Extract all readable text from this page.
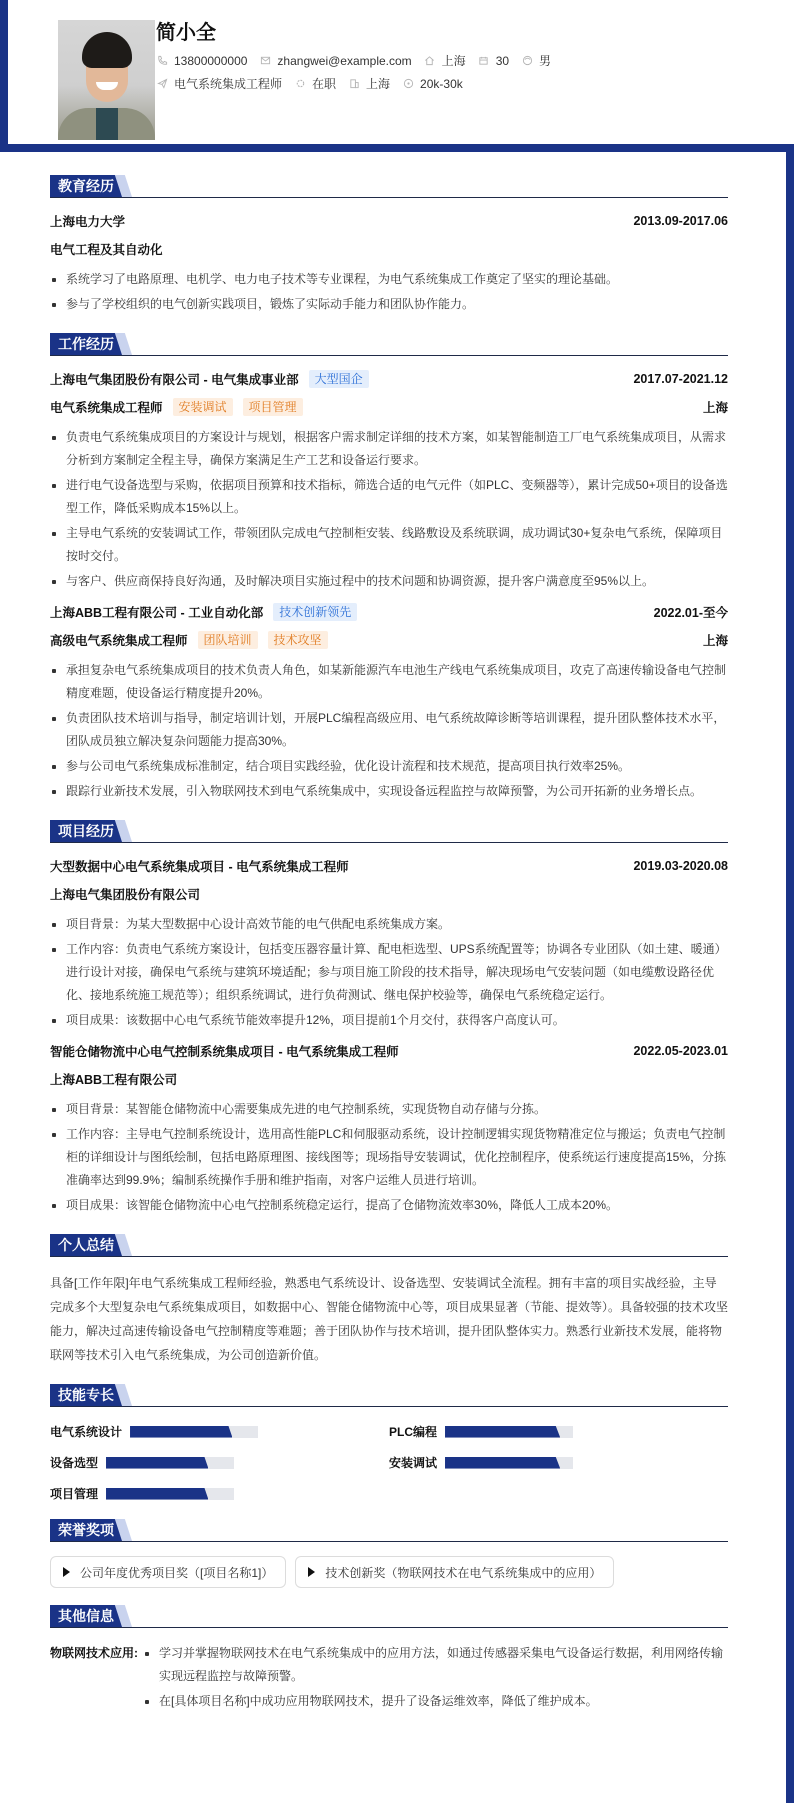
简小全
13800000000	zhangwei@example.com	上海	30	男
电气系统集成工程师	在职	上海	20k-30k
教育经历
上海电力大学	2013.09-2017.06
电气工程及其自动化
系统学习了电路原理、电机学、电力电子技术等专业课程，为电气系统集成工作奠定了坚实的理论基础。
参与了学校组织的电气创新实践项目，锻炼了实际动手能力和团队协作能力。
工作经历
上海电气集团股份有限公司 - 电气集成事业部	大型国企	2017.07-2021.12
电气系统集成工程师	安装调试	项目管理	上海
负责电气系统集成项目的方案设计与规划，根据客户需求制定详细的技术方案，如某智能制造工厂电气系统集成项目，从需求分析到方案制定全程主导，确保方案满足生产工艺和设备运行要求。
进行电气设备选型与采购，依据项目预算和技术指标，筛选合适的电气元件（如PLC、变频器等），累计完成50+项目的设备选型工作，降低采购成本15%以上。
主导电气系统的安装调试工作，带领团队完成电气控制柜安装、线路敷设及系统联调，成功调试30+复杂电气系统，保障项目按时交付。
与客户、供应商保持良好沟通，及时解决项目实施过程中的技术问题和协调资源，提升客户满意度至95%以上。
上海ABB工程有限公司 - 工业自动化部	技术创新领先	2022.01-至今
高级电气系统集成工程师	团队培训	技术攻坚	上海
承担复杂电气系统集成项目的技术负责人角色，如某新能源汽车电池生产线电气系统集成项目，攻克了高速传输设备电气控制精度难题，使设备运行精度提升20%。
负责团队技术培训与指导，制定培训计划，开展PLC编程高级应用、电气系统故障诊断等培训课程，提升团队整体技术水平，团队成员独立解决复杂问题能力提高30%。
参与公司电气系统集成标准制定，结合项目实践经验，优化设计流程和技术规范，提高项目执行效率25%。
跟踪行业新技术发展，引入物联网技术到电气系统集成中，实现设备远程监控与故障预警，为公司开拓新的业务增长点。
项目经历
大型数据中心电气系统集成项目 - 电气系统集成工程师	2019.03-2020.08
上海电气集团股份有限公司
项目背景：为某大型数据中心设计高效节能的电气供配电系统集成方案。
工作内容：负责电气系统方案设计，包括变压器容量计算、配电柜选型、UPS系统配置等；协调各专业团队（如土建、暖通）进行设计对接，确保电气系统与建筑环境适配；参与项目施工阶段的技术指导，解决现场电气安装问题（如电缆敷设路径优化、接地系统施工规范等）；组织系统调试，进行负荷测试、继电保护校验等，确保电气系统稳定运行。
项目成果：该数据中心电气系统节能效率提升12%，项目提前1个月交付，获得客户高度认可。
智能仓储物流中心电气控制系统集成项目 - 电气系统集成工程师	2022.05-2023.01
上海ABB工程有限公司
项目背景：某智能仓储物流中心需要集成先进的电气控制系统，实现货物自动存储与分拣。
工作内容：主导电气控制系统设计，选用高性能PLC和伺服驱动系统，设计控制逻辑实现货物精准定位与搬运；负责电气控制柜的详细设计与图纸绘制，包括电路原理图、接线图等；现场指导安装调试，优化控制程序，使系统运行速度提高15%，分拣准确率达到99.9%；编制系统操作手册和维护指南，对客户运维人员进行培训。
项目成果：该智能仓储物流中心电气控制系统稳定运行，提高了仓储物流效率30%，降低人工成本20%。
个人总结

具备[工作年限]年电气系统集成工程师经验，熟悉电气系统设计、设备选型、安装调试全流程。拥有丰富的项目实战经验，主导完成多个大型复杂电气系统集成项目，如数据中心、智能仓储物流中心等，项目成果显著（节能、提效等）。具备较强的技术攻坚能力，解决过高速传输设备电气控制精度等难题；善于团队协作与技术培训，提升团队整体实力。熟悉行业新技术发展，能将物联网等技术引入电气系统集成，为公司创造新价值。

技能专长
电气系统设计	PLC编程
设备选型	安装调试
项目管理
荣誉奖项
公司年度优秀项目奖（[项目名称1]）	技术创新奖（物联网技术在电气系统集成中的应用）
其他信息
物联网技术应用:	学习并掌握物联网技术在电气系统集成中的应用方法，如通过传感器采集电气设备运行数据，利用网络传输实现远程监控与故障预警。
在[具体项目名称]中成功应用物联网技术，提升了设备运维效率，降低了维护成本。
